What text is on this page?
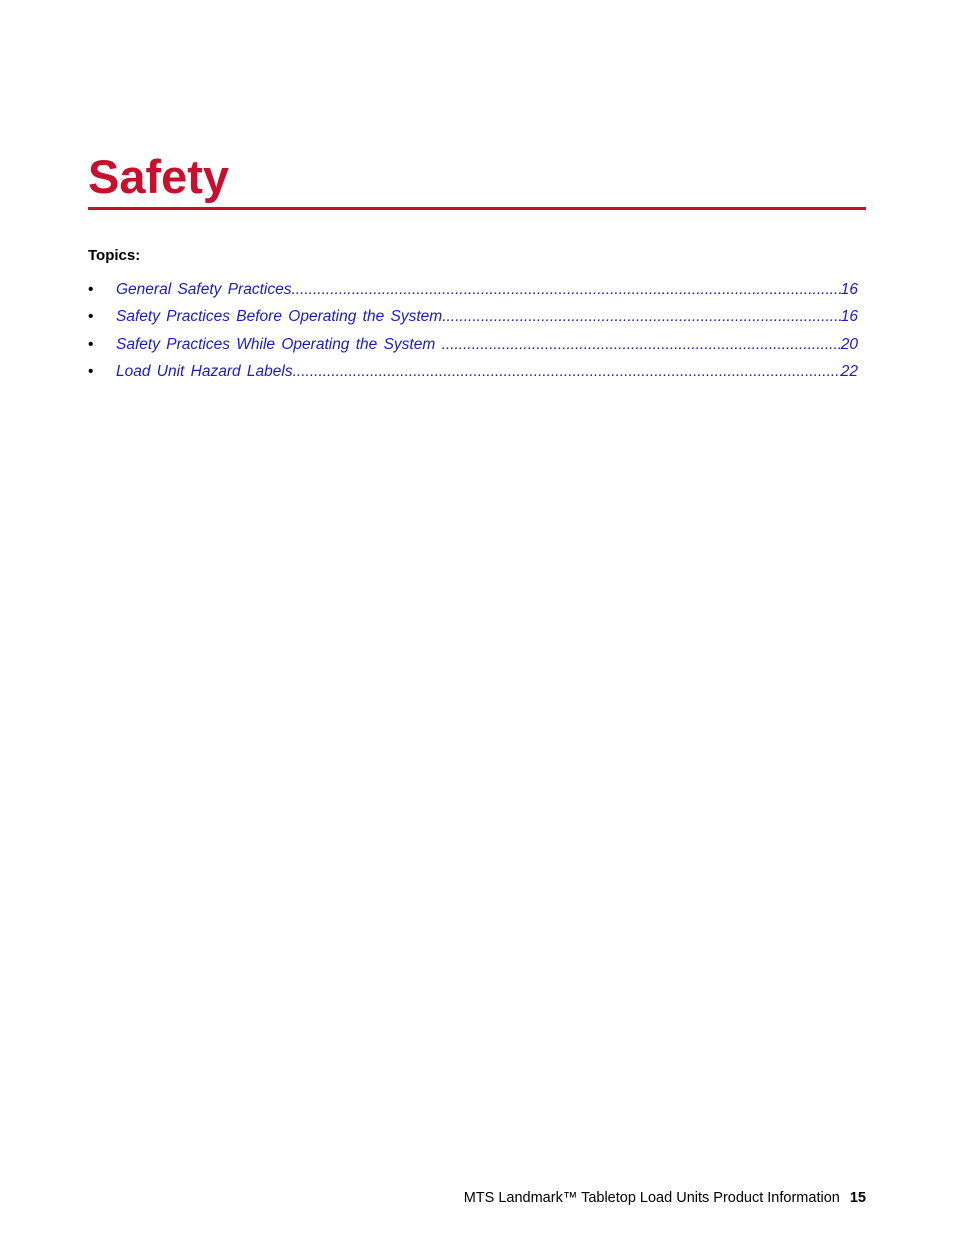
Safety
Topics:
•	General Safety Practices .....	16
•	Safety Practices Before Operating the System .....	16
•	Safety Practices While Operating the System .....	20
•	Load Unit Hazard Labels .....	22
MTS Landmark™ Tabletop Load Units Product Information 15
